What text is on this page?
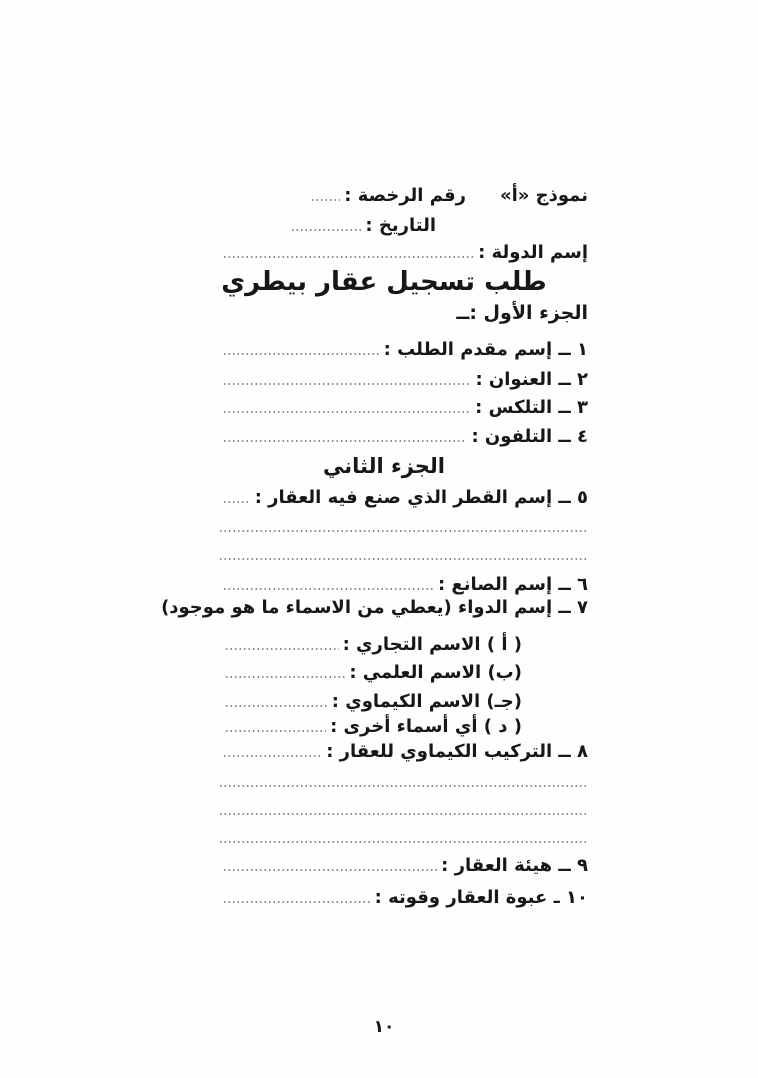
نموذج «أ»
رقم الرخصة :
التاريخ :
إسم الدولة :
طلب تسجيل عقار بيطري
الجزء الأول :ــ
١ ــ إسم مقدم الطلب :
٢ ــ العنوان :
٣ ــ التلكس :
٤ ــ التلفون :
الجزء الثاني
٥ ــ إسم القطر الذي صنع فيه العقار :
٦ ــ إسم الصانع :
٧ ــ إسم الدواء (يعطي من الاسماء ما هو موجود)
( أ ) الاسم التجاري :
(ب) الاسم العلمي :
(جـ) الاسم الكيماوي :
( د ) أي أسماء أخرى :
٨ ــ التركيب الكيماوي للعقار :
٩ ــ هيئة العقار :
١٠ ـ عبوة العقار وقوته :
١٠
